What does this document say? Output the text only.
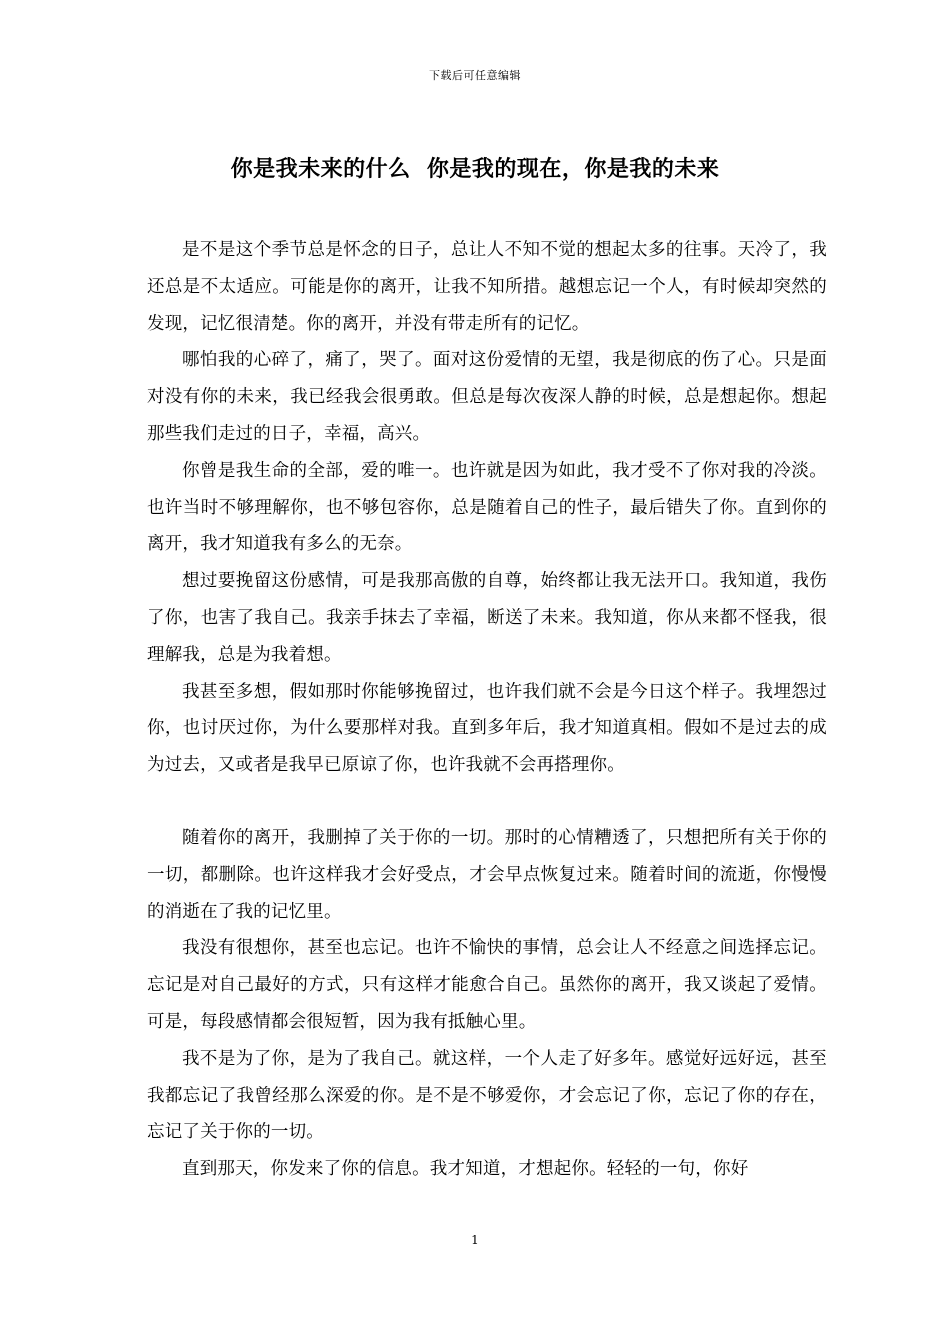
下载后可任意编辑
你是我未来的什么  你是我的现在，你是我的未来

是不是这个季节总是怀念的日子，总让人不知不觉的想起太多的往事。天冷了，我还总是不太适应。可能是你的离开，让我不知所措。越想忘记一个人，有时候却突然的发现，记忆很清楚。你的离开，并没有带走所有的记忆。

哪怕我的心碎了，痛了，哭了。面对这份爱情的无望，我是彻底的伤了心。只是面对没有你的未来，我已经我会很勇敢。但总是每次夜深人静的时候，总是想起你。想起那些我们走过的日子，幸福，高兴。

你曾是我生命的全部，爱的唯一。也许就是因为如此，我才受不了你对我的冷淡。也许当时不够理解你，也不够包容你，总是随着自己的性子，最后错失了你。直到你的离开，我才知道我有多么的无奈。

想过要挽留这份感情，可是我那高傲的自尊，始终都让我无法开口。我知道，我伤了你，也害了我自己。我亲手抹去了幸福，断送了未来。我知道，你从来都不怪我，很理解我，总是为我着想。

我甚至多想，假如那时你能够挽留过，也许我们就不会是今日这个样子。我埋怨过你，也讨厌过你，为什么要那样对我。直到多年后，我才知道真相。假如不是过去的成为过去，又或者是我早已原谅了你，也许我就不会再搭理你。

随着你的离开，我删掉了关于你的一切。那时的心情糟透了，只想把所有关于你的一切，都删除。也许这样我才会好受点，才会早点恢复过来。随着时间的流逝，你慢慢的消逝在了我的记忆里。

我没有很想你，甚至也忘记。也许不愉快的事情，总会让人不经意之间选择忘记。忘记是对自己最好的方式，只有这样才能愈合自己。虽然你的离开，我又谈起了爱情。可是，每段感情都会很短暂，因为我有抵触心里。

我不是为了你，是为了我自己。就这样，一个人走了好多年。感觉好远好远，甚至我都忘记了我曾经那么深爱的你。是不是不够爱你，才会忘记了你，忘记了你的存在，忘记了关于你的一切。

直到那天，你发来了你的信息。我才知道，才想起你。轻轻的一句，你好

1
